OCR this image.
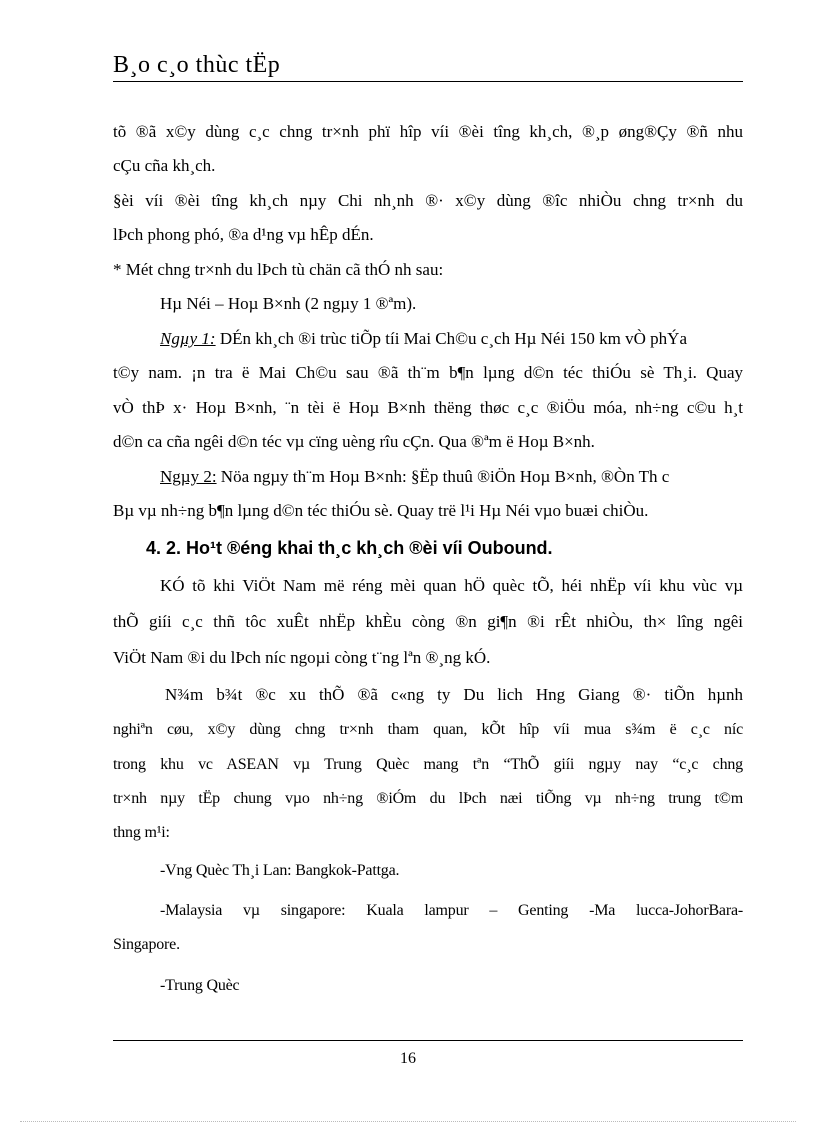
B¸o c¸o thùc tËp
tõ ®ã x©y dùng c¸c chng tr×nh phï hîp víi ®èi tîng kh¸ch, ®¸p øng®Çy ®ñ nhu
cÇu cña kh¸ch.
§èi víi ®èi tîng kh¸ch nµy Chi nh¸nh ®· x©y dùng ®îc nhiÒu chng tr×nh du
lÞch phong phó, ®a d¹ng vµ hÊp dÉn.
* Mét chng tr×nh du lÞch tù chän cã thÓ nh sau:
Hµ Néi – Hoµ B×nh (2 ngµy 1 ®ªm).
Ngµy 1: DÉn kh¸ch ®i trùc tiÕp tíi Mai Ch©u c¸ch Hµ Néi 150 km vÒ phÝa
t©y nam. ¡n tra ë Mai Ch©u sau ®ã th¨m b¶n lµng d©n téc thiÓu sè Th¸i. Quay
vÒ thÞ x· Hoµ B×nh, ¨n tèi ë Hoµ B×nh thëng thøc c¸c ®iÖu móa, nh÷ng c©u h¸t
d©n ca cña ngêi d©n téc vµ cïng uèng rîu cÇn. Qua ®ªm ë Hoµ B×nh.
Ngµy 2: Nöa ngµy th¨m Hoµ B×nh: §Ëp thuû ®iÖn Hoµ B×nh, ®Òn Th c
Bµ vµ nh÷ng b¶n lµng d©n téc thiÓu sè. Quay trë l¹i Hµ Néi vµo buæi chiÒu.
4. 2. Ho¹t ®éng khai th¸c kh¸ch ®èi víi Oubound.
KÓ tõ khi ViÖt Nam më réng mèi quan hÖ quèc tÕ, héi nhËp víi khu vùc vµ
thÕ giíi c¸c thñ tôc xuÊt nhËp khÈu còng ®n gi¶n ®i rÊt nhiÒu, th× lîng ngêi
ViÖt Nam ®i du lÞch níc ngoµi còng t¨ng lªn ®¸ng kÓ.
N¾m b¾t ®c xu thÕ ®ã c«ng ty Du lich Hng Giang ®· tiÕn hµnh
nghiªn cøu, x©y dùng chng tr×nh tham quan, kÕt hîp víi mua s¾m ë c¸c níc
trong khu vc ASEAN vµ Trung Quèc mang tªn “ThÕ giíi ngµy nay “c¸c chng
tr×nh nµy tËp chung vµo nh÷ng ®iÓm du lÞch næi tiÕng vµ nh÷ng trung t©m
thng m¹i:
-Vng Quèc Th¸i Lan: Bangkok-Pattga.
-Malaysia vµ singapore: Kuala lampur – Genting -Ma lucca-JohorBara-
Singapore.
-Trung Quèc
16
